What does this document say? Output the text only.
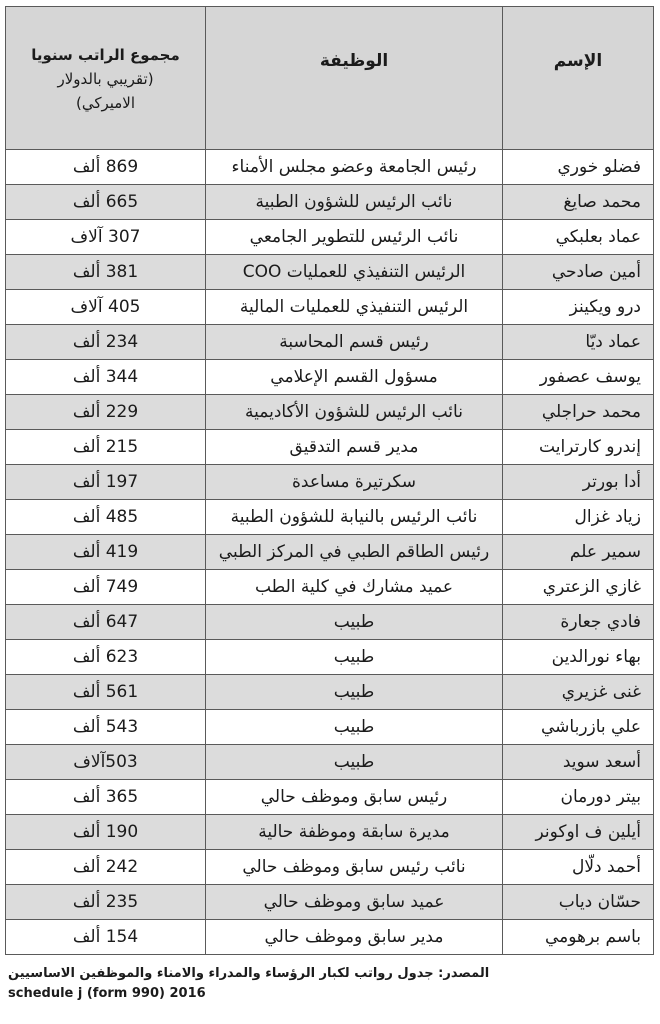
الإسم	الوظيفة	مجموع الراتب سنويا
(تقريبي بالدولار
الاميركي)

فضلو خوري	رئيس الجامعة وعضو مجلس الأمناء	869 ألف
محمد صايغ	نائب الرئيس للشؤون الطبية	665 ألف
عماد بعلبكي	نائب الرئيس للتطوير الجامعي	307 آلاف
أمين صادحي	الرئيس التنفيذي للعمليات COO	381 ألف
درو ويكينز	الرئيس التنفيذي للعمليات المالية	405 آلاف
عماد ديّا	رئيس قسم المحاسبة	234 ألف
يوسف عصفور	مسؤول القسم الإعلامي	344 ألف
محمد حراجلي	نائب الرئيس للشؤون الأكاديمية	229 ألف
إندرو كارترايت	مدير قسم التدقيق	215 ألف
أدا بورتر	سكرتيرة مساعدة	197 ألف
زياد غزال	نائب الرئيس بالنيابة للشؤون الطبية	485 ألف
سمير علم	رئيس الطاقم الطبي في المركز الطبي	419 ألف
غازي الزعتري	عميد مشارك في كلية الطب	749 ألف
فادي جعارة	طبيب	647 ألف
بهاء نورالدين	طبيب	623 ألف
غنى غزيري	طبيب	561 ألف
علي بازرباشي	طبيب	543 ألف
أسعد سويد	طبيب	503آلاف
بيتر دورمان	رئيس سابق وموظف حالي	365 ألف
أيلين ف اوكونر	مديرة سابقة وموظفة حالية	190 ألف
أحمد دلّال	نائب رئيس سابق وموظف حالي	242 ألف
حسّان دياب	عميد سابق وموظف حالي	235 ألف
باسم برهومي	مدير سابق وموظف حالي	154 ألف
المصدر: جدول رواتب لكبار الرؤساء والمدراء والامناء والموظفين الاساسيين
schedule j (form 990) 2016
